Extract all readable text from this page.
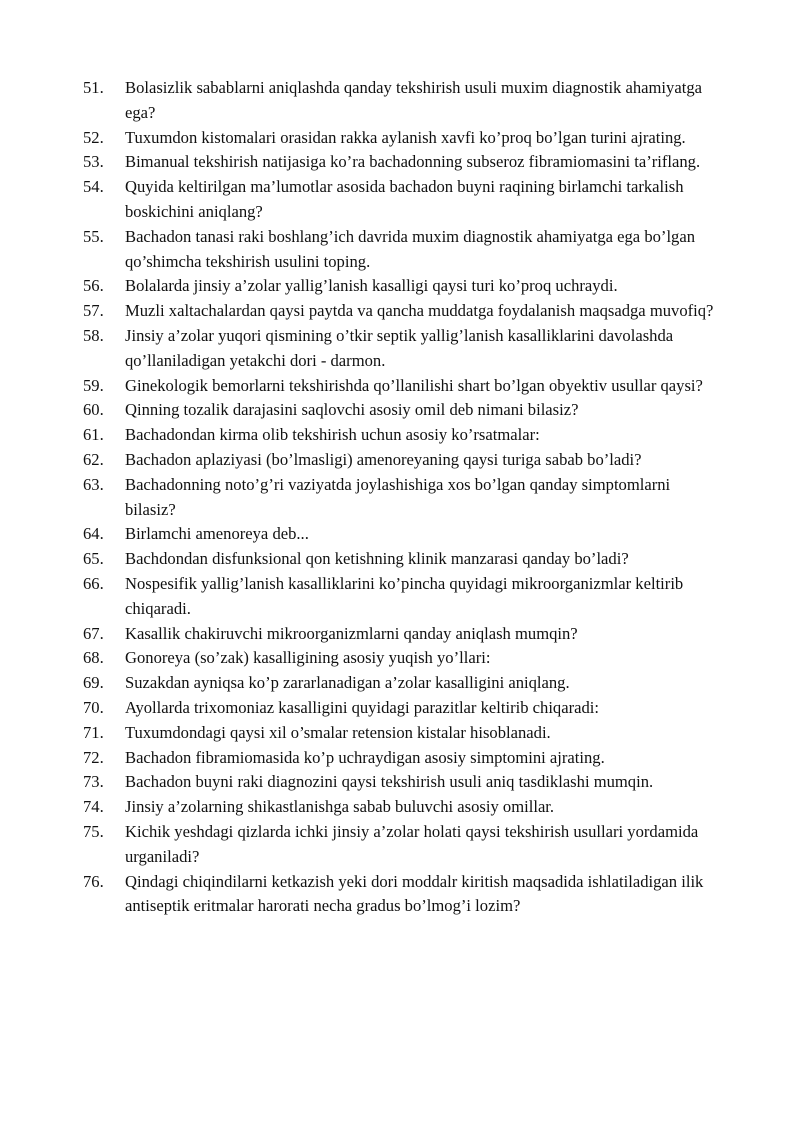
51.	Bolasizlik sabablarni aniqlashda qanday tekshirish usuli muxim diagnostik ahamiyatga ega?
52.	Tuxumdon kistomalari orasidan rakka aylanish xavfi ko’proq bo’lgan turini ajrating.
53.	Bimanual tekshirish natijasiga ko’ra bachadonning subseroz fibramiomasini ta’riflang.
54.	Quyida keltirilgan ma’lumotlar asosida bachadon buyni raqining birlamchi tarkalish boskichini aniqlang?
55.	Bachadon tanasi raki boshlang’ich davrida muxim diagnostik ahamiyatga ega bo’lgan qo’shimcha tekshirish usulini toping.
56.	Bolalarda jinsiy a’zolar yallig’lanish kasalligi qaysi turi ko’proq uchraydi.
57.	Muzli xaltachalardan qaysi paytda va qancha muddatga foydalanish maqsadga muvofiq?
58.	Jinsiy a’zolar yuqori qismining o’tkir septik yallig’lanish kasalliklarini davolashda qo’llaniladigan yetakchi dori - darmon.
59.	Ginekologik bemorlarni tekshirishda qo’llanilishi shart bo’lgan obyektiv usullar qaysi?
60.	Qinning tozalik darajasini saqlovchi asosiy omil deb nimani bilasiz?
61.	Bachadondan kirma olib tekshirish uchun asosiy ko’rsatmalar:
62.	Bachadon aplaziyasi (bo’lmasligi) amenoreyaning qaysi turiga sabab bo’ladi?
63.	Bachadonning noto’g’ri vaziyatda joylashishiga xos bo’lgan qanday simptomlarni bilasiz?
64.	Birlamchi amenoreya deb...
65.	Bachdondan disfunksional qon ketishning klinik manzarasi qanday bo’ladi?
66.	Nospesifik yallig’lanish kasalliklarini ko’pincha quyidagi mikroorganizmlar keltirib chiqaradi.
67.	Kasallik chakiruvchi mikroorganizmlarni qanday aniqlash mumqin?
68.	Gonoreya (so’zak) kasalligining asosiy yuqish yo’llari:
69.	Suzakdan ayniqsa ko’p zararlanadigan a’zolar kasalligini aniqlang.
70.	Ayollarda trixomoniaz kasalligini quyidagi parazitlar keltirib chiqaradi:
71.	Tuxumdondagi qaysi xil o’smalar retension kistalar hisoblanadi.
72.	Bachadon fibramiomasida ko’p uchraydigan asosiy simptomini ajrating.
73.	Bachadon buyni raki diagnozini qaysi tekshirish usuli aniq tasdiklashi mumqin.
74.	Jinsiy a’zolarning shikastlanishga sabab buluvchi asosiy omillar.
75.	Kichik yeshdagi qizlarda ichki jinsiy a’zolar holati qaysi tekshirish usullari yordamida urganiladi?
76.	Qindagi chiqindilarni ketkazish yeki dori moddalr kiritish maqsadida ishlatiladigan ilik antiseptik eritmalar harorati necha gradus bo’lmog’i lozim?
